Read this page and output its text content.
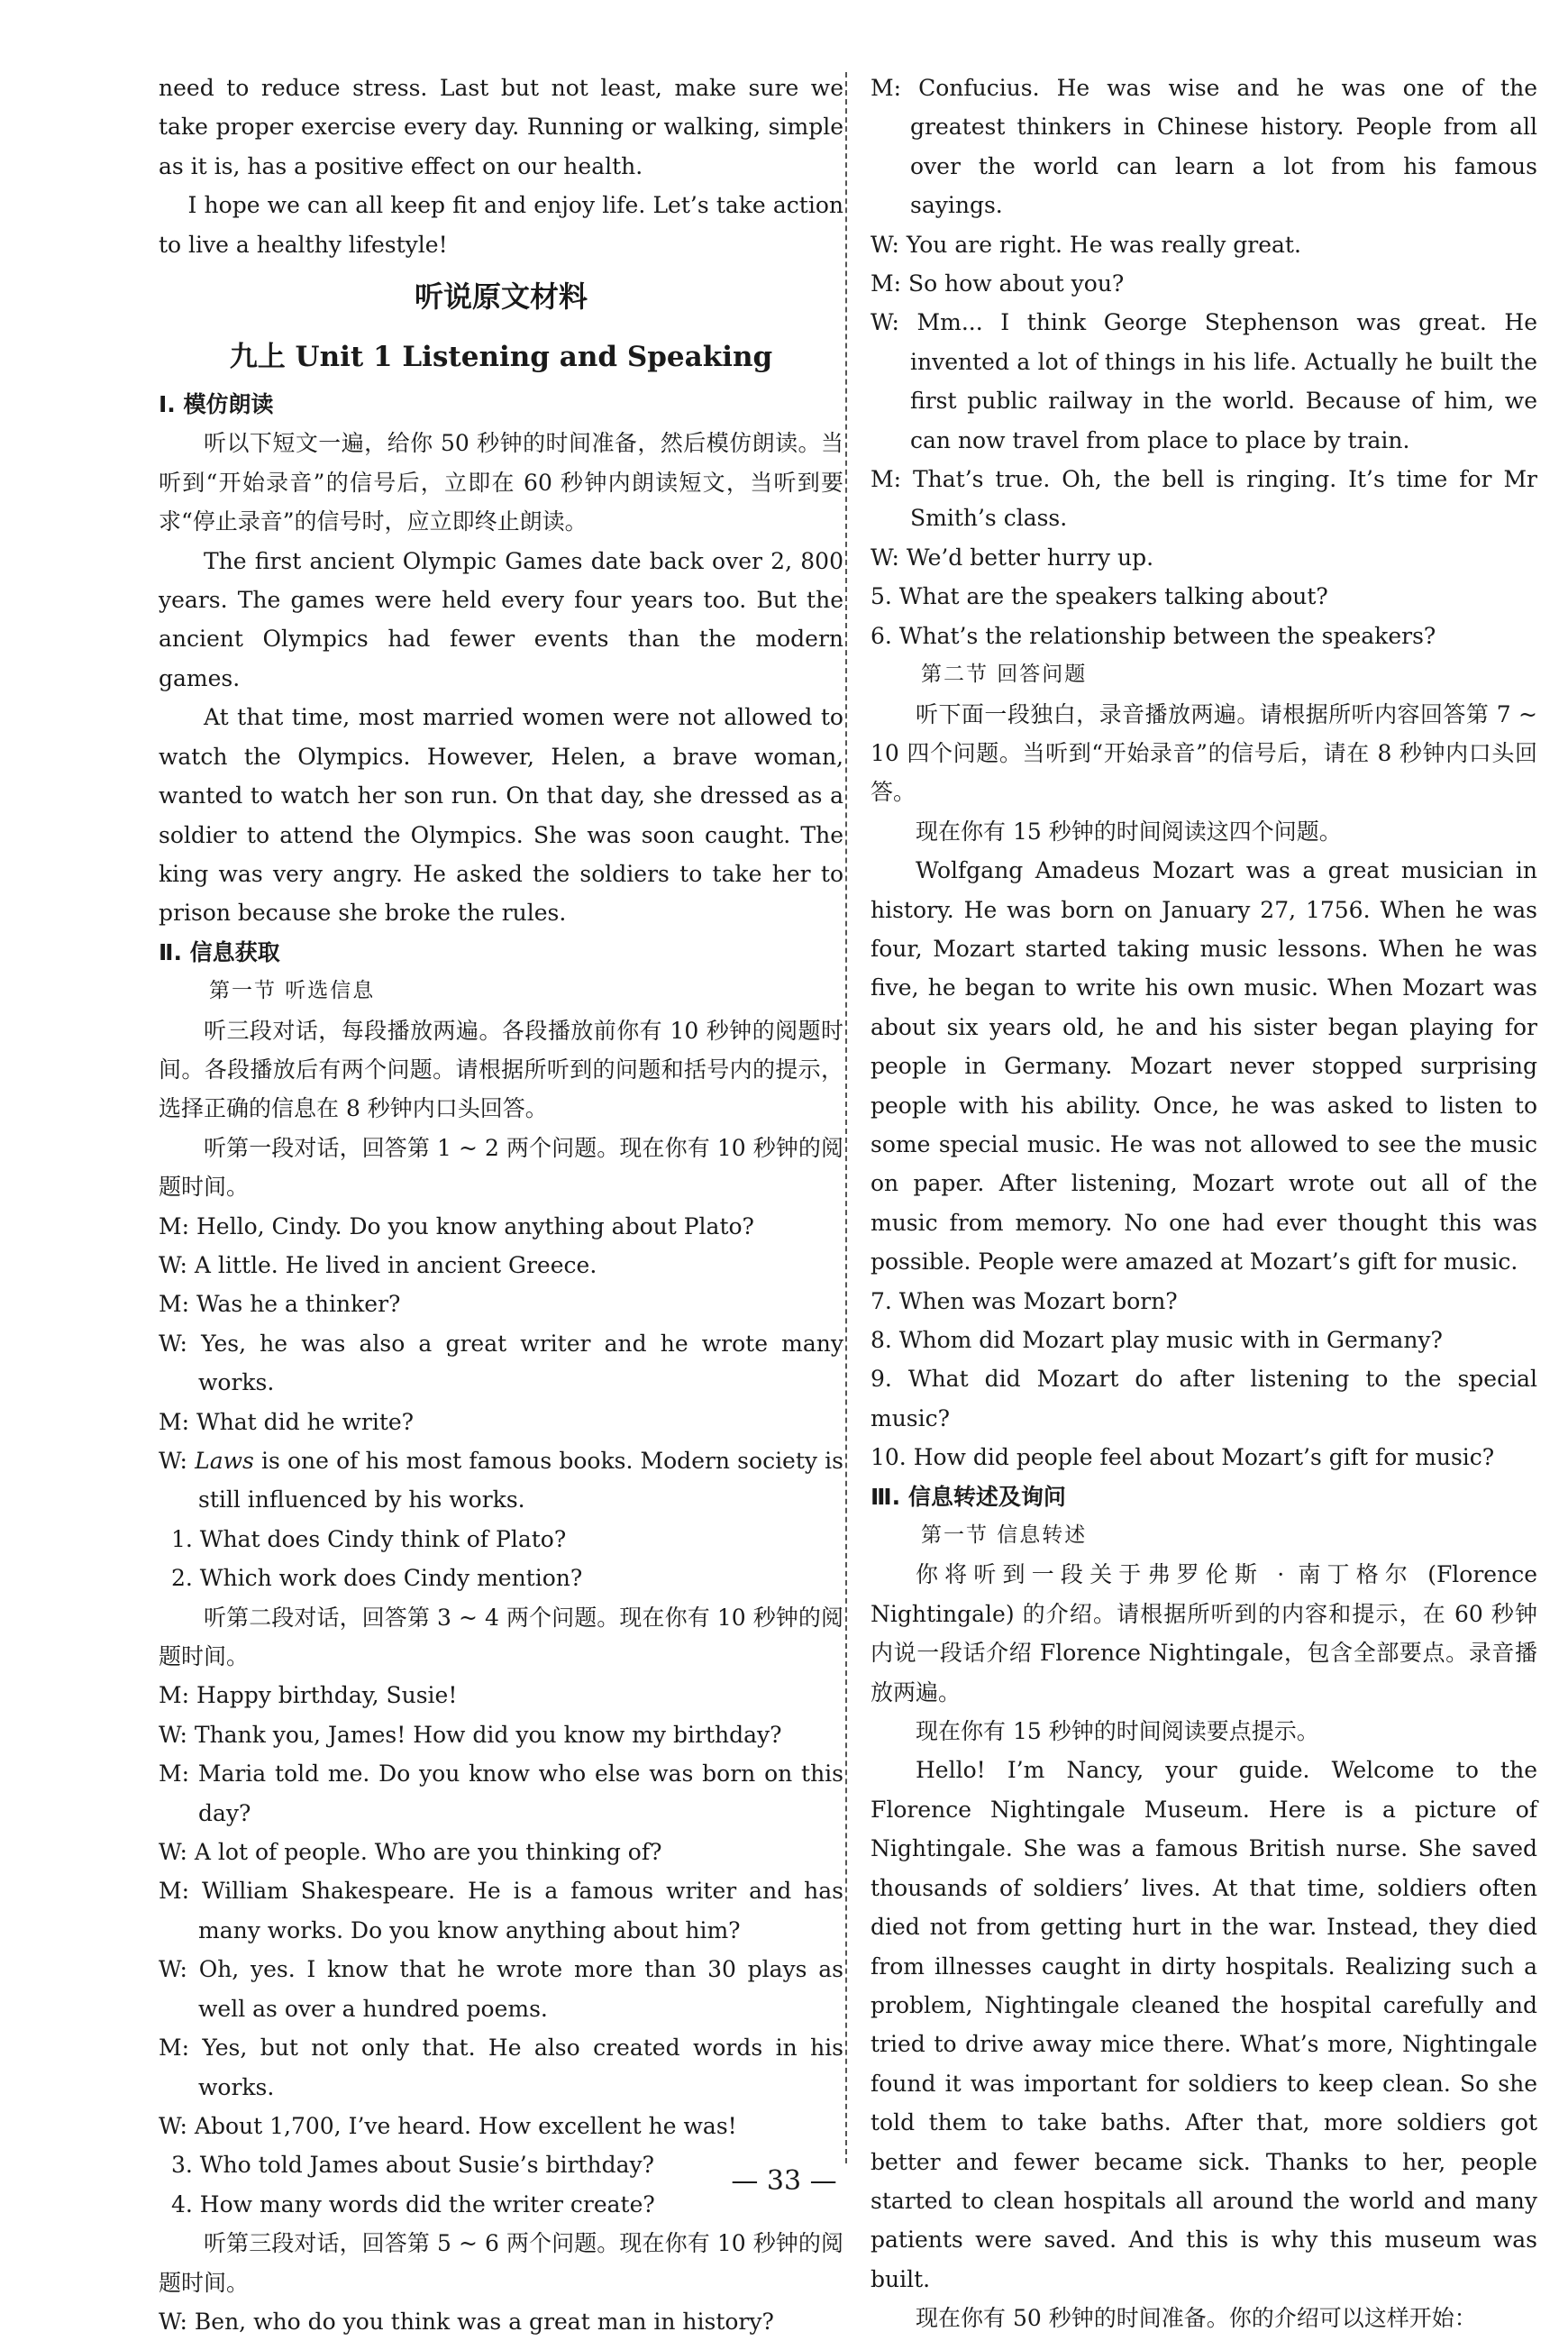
need to reduce stress. Last but not least, make sure we take proper exercise every day. Running or walking, simple as it is, has a positive effect on our health.

I hope we can all keep fit and enjoy life. Let’s take action to live a healthy lifestyle!

听说原文材料
九上 Unit 1 Listening and Speaking
Ⅰ. 模仿朗读

听以下短文一遍，给你 50 秒钟的时间准备，然后模仿朗读。当听到“开始录音”的信号后，立即在 60 秒钟内朗读短文，当听到要求“停止录音”的信号时，应立即终止朗读。

The first ancient Olympic Games date back over 2, 800 years. The games were held every four years too. But the ancient Olympics had fewer events than the modern games.

At that time, most married women were not allowed to watch the Olympics. However, Helen, a brave woman, wanted to watch her son run. On that day, she dressed as a soldier to attend the Olympics. She was soon caught. The king was very angry. He asked the soldiers to take her to prison because she broke the rules.

Ⅱ. 信息获取
第一节 听选信息

听三段对话，每段播放两遍。各段播放前你有 10 秒钟的阅题时间。各段播放后有两个问题。请根据所听到的问题和括号内的提示，选择正确的信息在 8 秒钟内口头回答。

听第一段对话，回答第 1 ~ 2 两个问题。现在你有 10 秒钟的阅题时间。

M: Hello, Cindy. Do you know anything about Plato?

W: A little. He lived in ancient Greece.

M: Was he a thinker?

W: Yes, he was also a great writer and he wrote many works.

M: What did he write?

W: Laws is one of his most famous books. Modern society is still influenced by his works.

1. What does Cindy think of Plato?

2. Which work does Cindy mention?

听第二段对话，回答第 3 ~ 4 两个问题。现在你有 10 秒钟的阅题时间。

M: Happy birthday, Susie!

W: Thank you, James! How did you know my birthday?

M: Maria told me. Do you know who else was born on this day?

W: A lot of people. Who are you thinking of?

M: William Shakespeare. He is a famous writer and has many works. Do you know anything about him?

W: Oh, yes. I know that he wrote more than 30 plays as well as over a hundred poems.

M: Yes, but not only that. He also created words in his works.

W: About 1,700, I’ve heard. How excellent he was!

3. Who told James about Susie’s birthday?

4. How many words did the writer create?

听第三段对话，回答第 5 ~ 6 两个问题。现在你有 10 秒钟的阅题时间。

W: Ben, who do you think was a great man in history?

M: Confucius. He was wise and he was one of the greatest thinkers in Chinese history. People from all over the world can learn a lot from his famous sayings.

W: You are right. He was really great.

M: So how about you?

W: Mm... I think George Stephenson was great. He invented a lot of things in his life. Actually he built the first public railway in the world. Because of him, we can now travel from place to place by train.

M: That’s true. Oh, the bell is ringing. It’s time for Mr Smith’s class.

W: We’d better hurry up.

5. What are the speakers talking about?

6. What’s the relationship between the speakers?

第二节 回答问题

听下面一段独白，录音播放两遍。请根据所听内容回答第 7 ~ 10 四个问题。当听到“开始录音”的信号后，请在 8 秒钟内口头回答。

现在你有 15 秒钟的时间阅读这四个问题。

Wolfgang Amadeus Mozart was a great musician in history. He was born on January 27, 1756. When he was four, Mozart started taking music lessons. When he was five, he began to write his own music. When Mozart was about six years old, he and his sister began playing for people in Germany. Mozart never stopped surprising people with his ability. Once, he was asked to listen to some special music. He was not allowed to see the music on paper. After listening, Mozart wrote out all of the music from memory. No one had ever thought this was possible. People were amazed at Mozart’s gift for music.

7. When was Mozart born?

8. Whom did Mozart play music with in Germany?

9. What did Mozart do after listening to the special music?

10. How did people feel about Mozart’s gift for music?

Ⅲ. 信息转述及询问
第一节 信息转述

你将听到一段关于弗罗伦斯 · 南丁格尔 (Florence Nightingale) 的介绍。请根据所听到的内容和提示，在 60 秒钟内说一段话介绍 Florence Nightingale，包含全部要点。录音播放两遍。

现在你有 15 秒钟的时间阅读要点提示。

Hello! I’m Nancy, your guide. Welcome to the Florence Nightingale Museum. Here is a picture of Nightingale. She was a famous British nurse. She saved thousands of soldiers’ lives. At that time, soldiers often died not from getting hurt in the war. Instead, they died from illnesses caught in dirty hospitals. Realizing such a problem, Nightingale cleaned the hospital carefully and tried to drive away mice there. What’s more, Nightingale found it was important for soldiers to keep clean. So she told them to take baths. After that, more soldiers got better and fewer became sick. Thanks to her, people started to clean hospitals all around the world and many patients were saved. And this is why this museum was built.

现在你有 50 秒钟的时间准备。你的介绍可以这样开始：

— 33 —
